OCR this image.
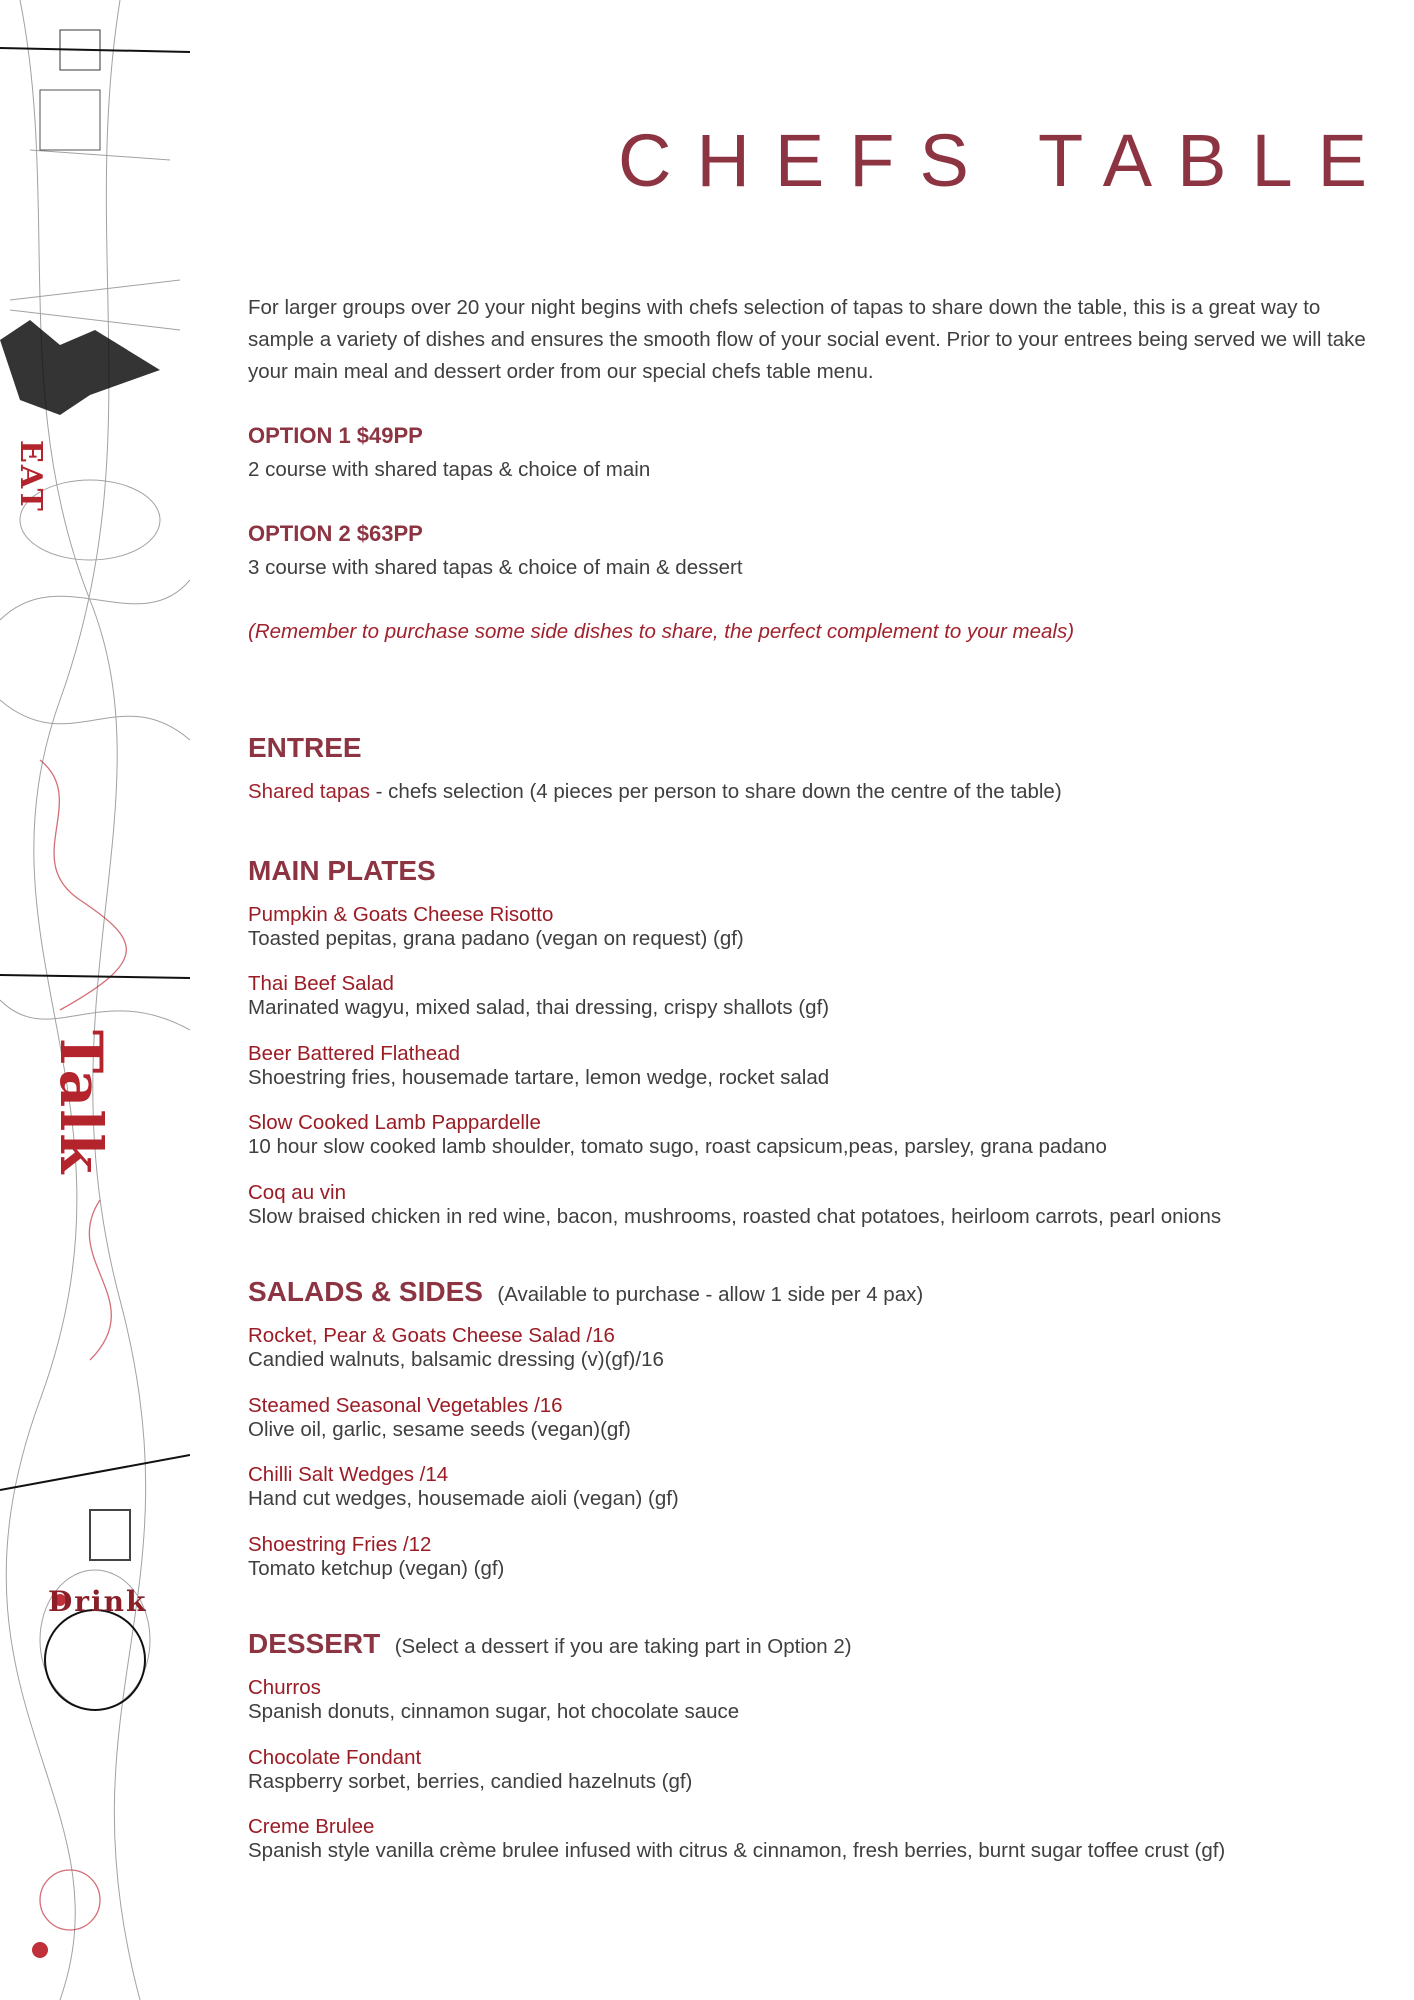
EAT
Talk
Drink
CHEFS TABLE

For larger groups over 20 your night begins with chefs selection of tapas to share down the table, this is a great way to sample a variety of dishes and ensures the smooth flow of your social event. Prior to your entrees being served we will take your main meal and dessert order from our special chefs table menu.

OPTION 1 $49PP

2 course with shared tapas & choice of main

OPTION 2 $63PP

3 course with shared tapas & choice of main & dessert

(Remember to purchase some side dishes to share, the perfect complement to your meals)

ENTREE

Shared tapas - chefs selection (4 pieces per person to share down the centre of the table)

MAIN PLATES

Pumpkin & Goats Cheese Risotto
Toasted pepitas, grana padano (vegan on request) (gf)
Thai Beef Salad
Marinated wagyu, mixed salad, thai dressing, crispy shallots (gf)
Beer Battered Flathead
Shoestring fries, housemade tartare, lemon wedge, rocket salad
Slow Cooked Lamb Pappardelle
10 hour slow cooked lamb shoulder, tomato sugo, roast capsicum,peas, parsley, grana padano
Coq au vin
Slow braised chicken in red wine, bacon, mushrooms, roasted chat potatoes, heirloom carrots, pearl onions

SALADS & SIDES (Available to purchase - allow 1 side per 4 pax)

Rocket, Pear & Goats Cheese Salad /16
Candied walnuts, balsamic dressing (v)(gf)/16
Steamed Seasonal Vegetables /16
Olive oil, garlic, sesame seeds (vegan)(gf)
Chilli Salt Wedges /14
Hand cut wedges, housemade aioli (vegan) (gf)
Shoestring Fries /12
Tomato ketchup (vegan) (gf)

DESSERT (Select a dessert if you are taking part in Option 2)

Churros
Spanish donuts, cinnamon sugar, hot chocolate sauce
Chocolate Fondant
Raspberry sorbet, berries, candied hazelnuts (gf)
Creme Brulee
Spanish style vanilla crème brulee infused with citrus & cinnamon, fresh berries, burnt sugar toffee crust (gf)
